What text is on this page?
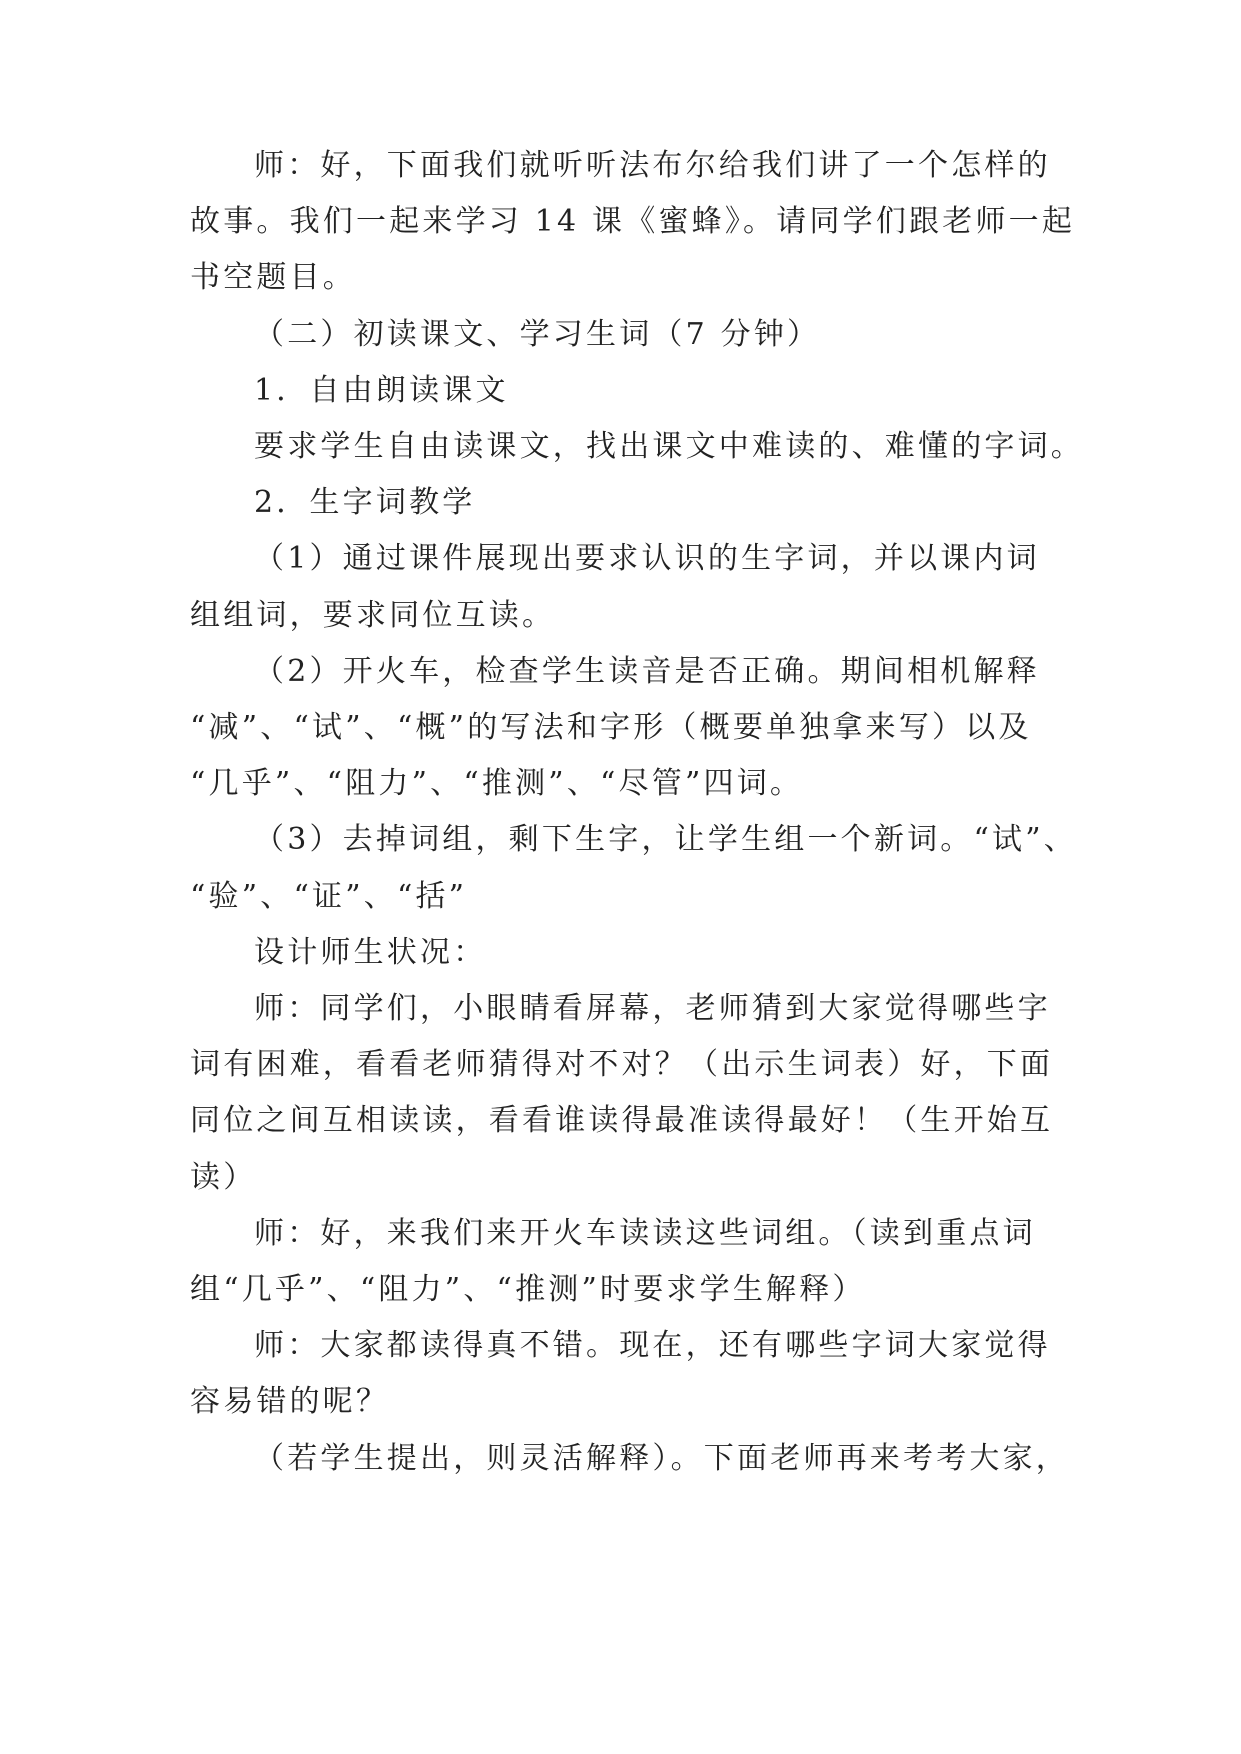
师：好，下面我们就听听法布尔给我们讲了一个怎样的

故事。我们一起来学习 14 课《蜜蜂》。请同学们跟老师一起

书空题目。

（二）初读课文、学习生词（7 分钟）

1．自由朗读课文

要求学生自由读课文，找出课文中难读的、难懂的字词。

2．生字词教学

（1）通过课件展现出要求认识的生字词，并以课内词

组组词，要求同位互读。

（2）开火车，检查学生读音是否正确。期间相机解释

“减”、“试”、“概”的写法和字形（概要单独拿来写）以及

“几乎”、“阻力”、“推测”、“尽管”四词。

（3）去掉词组，剩下生字，让学生组一个新词。“试”、

“验”、“证”、“括”

设计师生状况：

师：同学们，小眼睛看屏幕，老师猜到大家觉得哪些字

词有困难，看看老师猜得对不对？（出示生词表）好，下面

同位之间互相读读，看看谁读得最准读得最好！（生开始互

读）

师：好，来我们来开火车读读这些词组。（读到重点词

组“几乎”、“阻力”、“推测”时要求学生解释）

师：大家都读得真不错。现在，还有哪些字词大家觉得

容易错的呢？

（若学生提出，则灵活解释）。下面老师再来考考大家，
